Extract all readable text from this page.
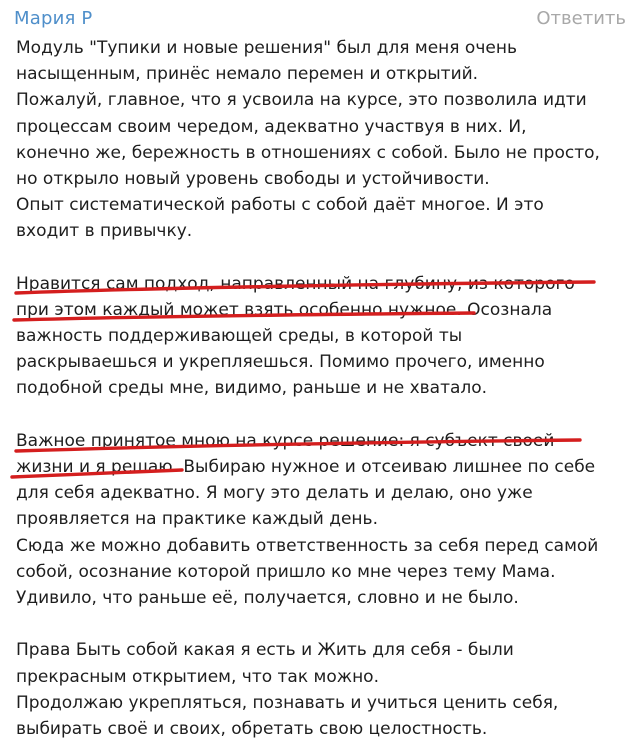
Мария Р	Ответить
Модуль "Тупики и новые решения" был для меня очень
насыщенным, принёс немало перемен и открытий.
Пожалуй, главное, что я усвоила на курсе, это позволила идти
процессам своим чередом, адекватно участвуя в них. И,
конечно же, бережность в отношениях с собой. Было не просто,
но открыло новый уровень свободы и устойчивости.
Опыт систематической работы с собой даёт многое. И это
входит в привычку.
Нравится сам подход, направленный на глубину, из которого
при этом каждый может взять особенно нужное. Осознала
важность поддерживающей среды, в которой ты
раскрываешься и укрепляешься. Помимо прочего, именно
подобной среды мне, видимо, раньше и не хватало.
Важное принятое мною на курсе решение: я субъект своей
жизни и я решаю. Выбираю нужное и отсеиваю лишнее по себе
для себя адекватно. Я могу это делать и делаю, оно уже
проявляется на практике каждый день.
Сюда же можно добавить ответственность за себя перед самой
собой, осознание которой пришло ко мне через тему Мама.
Удивило, что раньше её, получается, словно и не было.
Права Быть собой какая я есть и Жить для себя - были
прекрасным открытием, что так можно.
Продолжаю укрепляться, познавать и учиться ценить себя,
выбирать своё и своих, обретать свою целостность.
